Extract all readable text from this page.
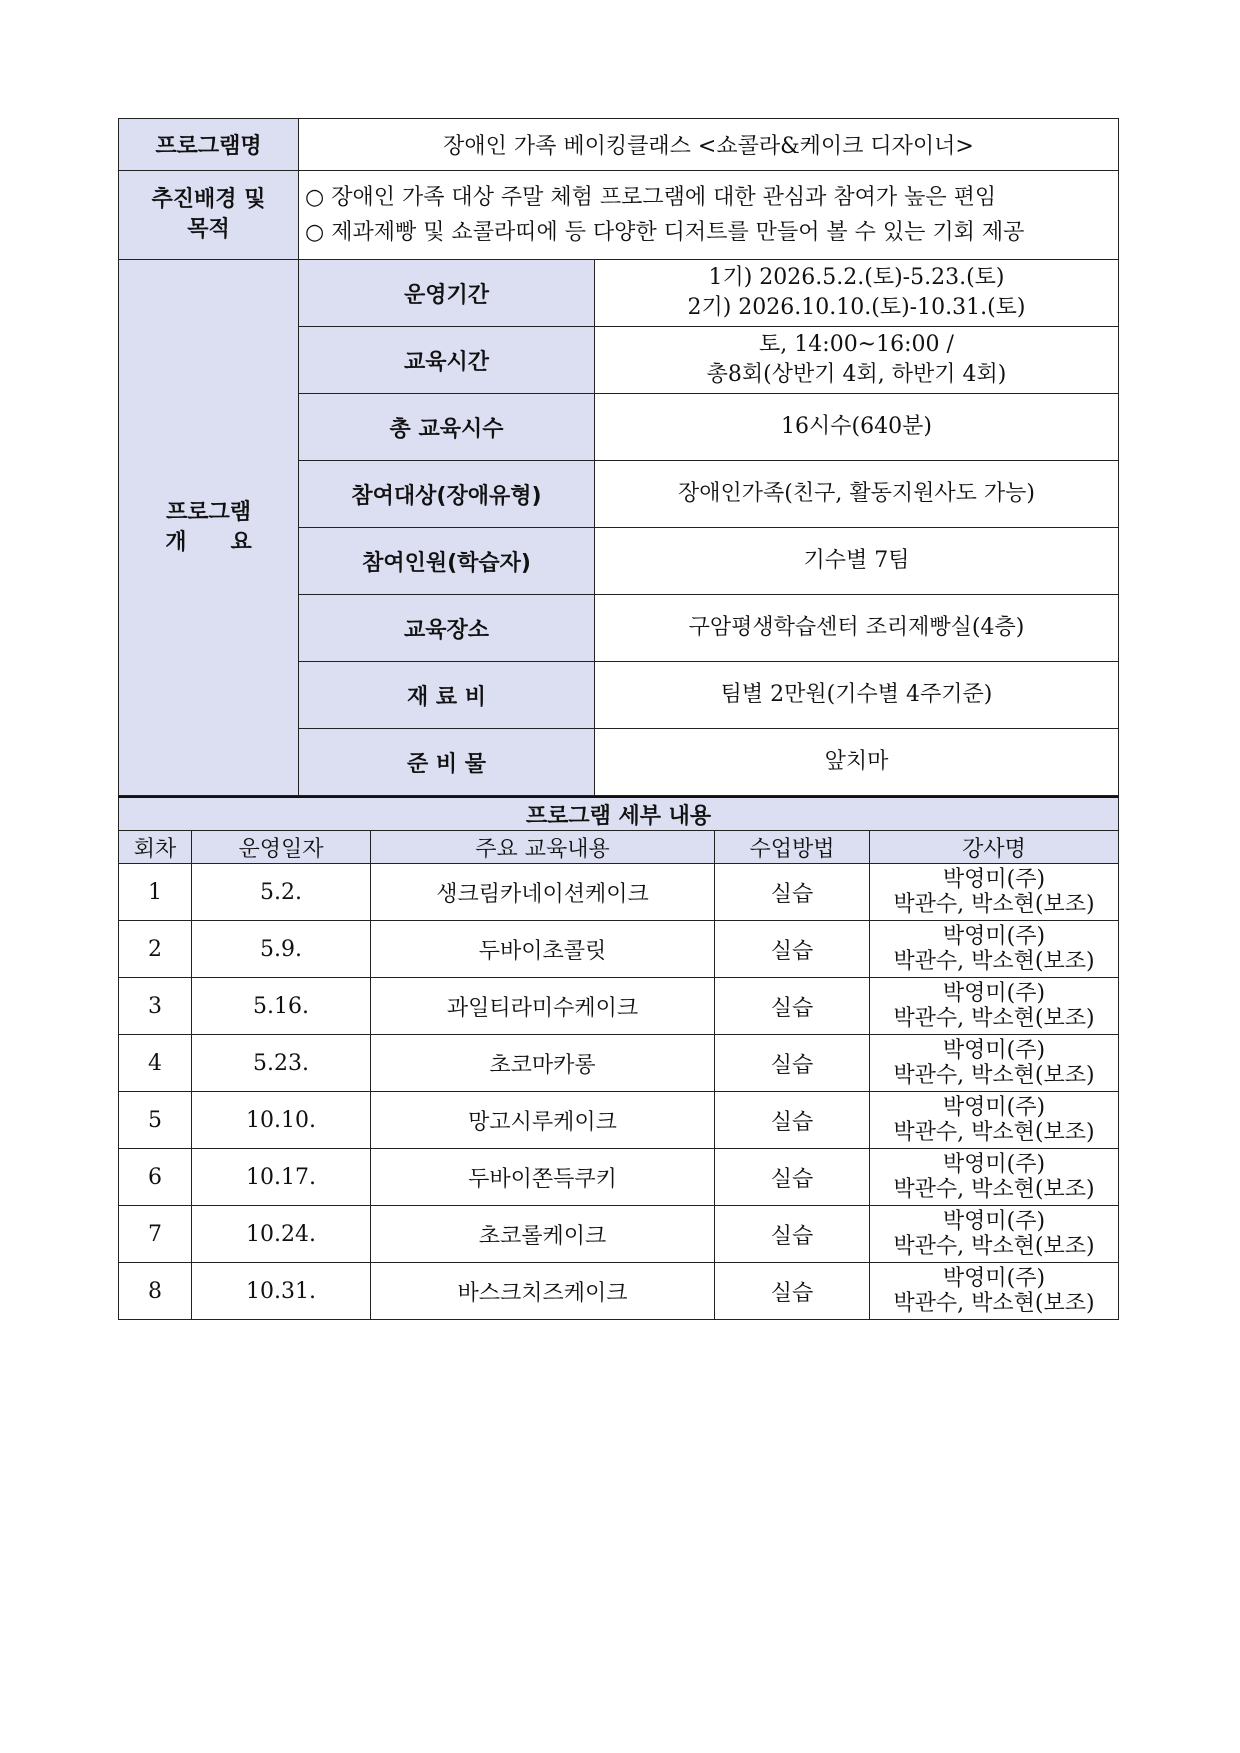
프로그램명	장애인 가족 베이킹클래스 <쇼콜라&케이크 디자이너>	

추진배경 및
목적	○ 장애인 가족 대상 주말 체험 프로그램에 대한 관심과 참여가 높은 편임
○ 제과제빵 및 쇼콜라띠에 등 다양한 디저트를 만들어 볼 수 있는 기회 제공	

프로그램
개　　요	운영기간	1기) 2026.5.2.(토)-5.23.(토)
2기) 2026.10.10.(토)-10.31.(토)

	교육시간	토, 14:00~16:00 /
총8회(상반기 4회, 하반기 4회)

	총 교육시수	16시수(640분)
	참여대상(장애유형)	장애인가족(친구, 활동지원사도 가능)
	참여인원(학습자)	기수별 7팀
	교육장소	구암평생학습센터 조리제빵실(4층)
	재 료 비	팀별 2만원(기수별 4주기준)
	준 비 물	앞치마
프로그램 세부 내용				
회차	운영일자	주요 교육내용	수업방법	강사명
1	5.2.	생크림카네이션케이크	실습	박영미(주)
박관수, 박소현(보조)

2	5.9.	두바이초콜릿	실습	박영미(주)
박관수, 박소현(보조)

3	5.16.	과일티라미수케이크	실습	박영미(주)
박관수, 박소현(보조)

4	5.23.	초코마카롱	실습	박영미(주)
박관수, 박소현(보조)

5	10.10.	망고시루케이크	실습	박영미(주)
박관수, 박소현(보조)

6	10.17.	두바이쫀득쿠키	실습	박영미(주)
박관수, 박소현(보조)

7	10.24.	초코롤케이크	실습	박영미(주)
박관수, 박소현(보조)

8	10.31.	바스크치즈케이크	실습	박영미(주)
박관수, 박소현(보조)
